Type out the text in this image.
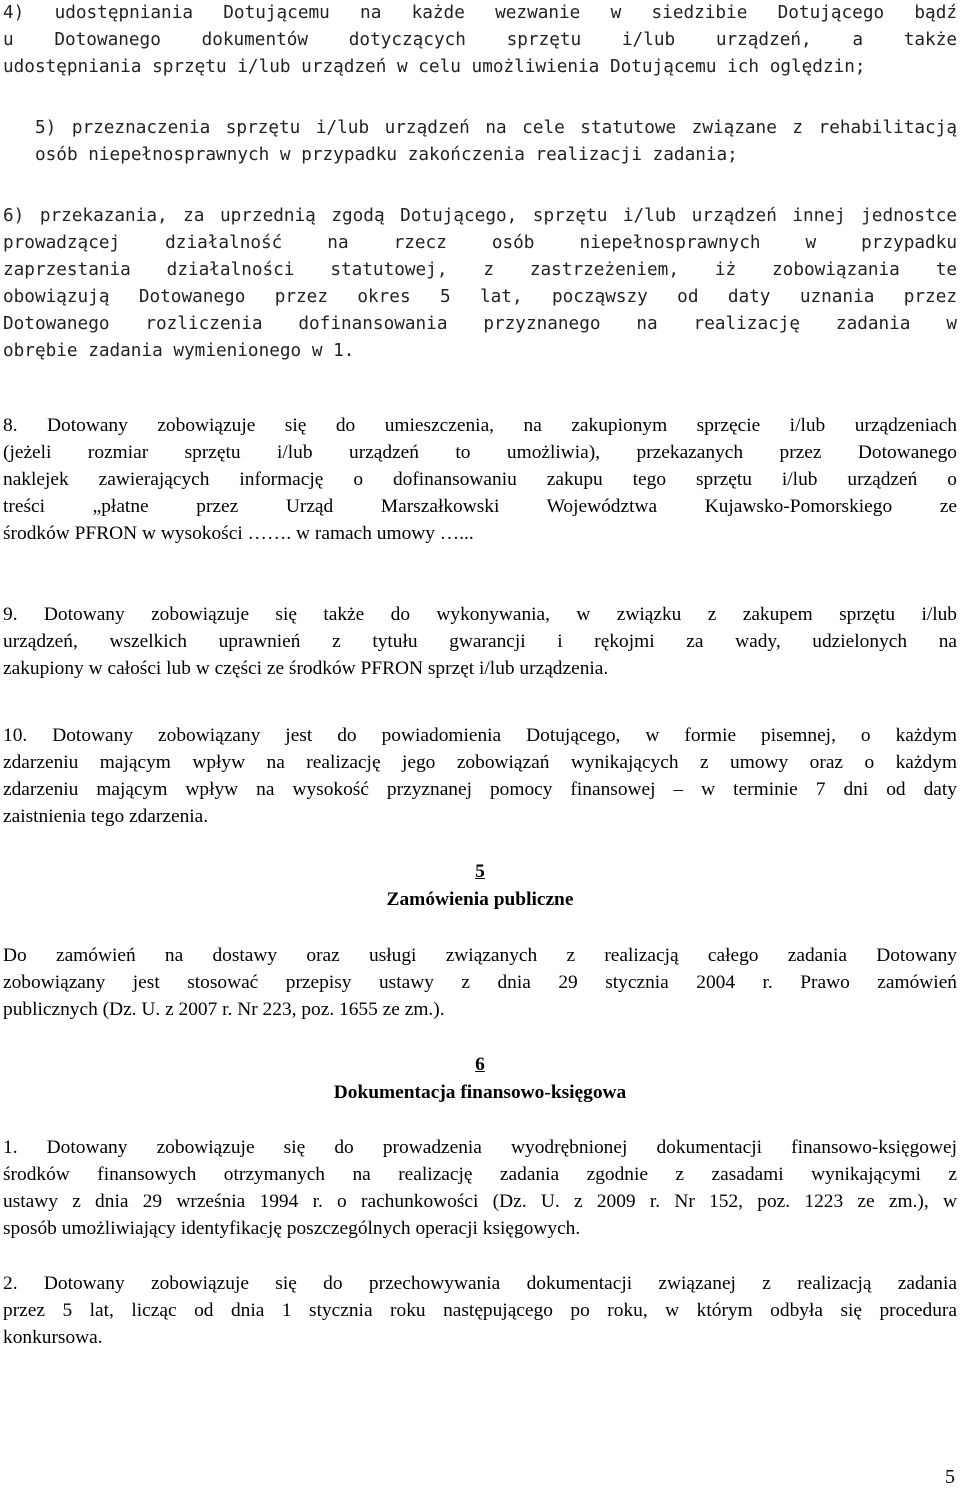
4) udostępniania Dotującemu na każde wezwanie w siedzibie Dotującego bądź

u Dotowanego dokumentów dotyczących sprzętu i/lub urządzeń, a także

udostępniania sprzętu i/lub urządzeń w celu umożliwienia Dotującemu ich oględzin;

5) przeznaczenia sprzętu i/lub urządzeń na cele statutowe związane z rehabilitacją

osób niepełnosprawnych w przypadku zakończenia realizacji zadania;

6) przekazania, za uprzednią zgodą Dotującego, sprzętu i/lub urządzeń innej jednostce

prowadzącej działalność na rzecz osób niepełnosprawnych w przypadku

zaprzestania działalności statutowej, z zastrzeżeniem, iż zobowiązania te

obowiązują Dotowanego przez okres 5 lat, począwszy od daty uznania przez

Dotowanego rozliczenia dofinansowania przyznanego na realizację zadania w

obrębie zadania wymienionego w 1.

8. Dotowany zobowiązuje się do umieszczenia, na zakupionym sprzęcie i/lub urządzeniach

(jeżeli rozmiar sprzętu i/lub urządzeń to umożliwia), przekazanych przez Dotowanego

naklejek zawierających informację o dofinansowaniu zakupu tego sprzętu i/lub urządzeń o

treści „płatne przez Urząd Marszałkowski Województwa Kujawsko-Pomorskiego ze

środków PFRON w wysokości ……. w ramach umowy …...

9. Dotowany zobowiązuje się także do wykonywania, w związku z zakupem sprzętu i/lub

urządzeń, wszelkich uprawnień z tytułu gwarancji i rękojmi za wady, udzielonych na

zakupiony w całości lub w części ze środków PFRON sprzęt i/lub urządzenia.

10. Dotowany zobowiązany jest do powiadomienia Dotującego, w formie pisemnej, o każdym

zdarzeniu mającym wpływ na realizację jego zobowiązań wynikających z umowy oraz o każdym

zdarzeniu mającym wpływ na wysokość przyznanej pomocy finansowej – w terminie 7 dni od daty

zaistnienia tego zdarzenia.

5

Zamówienia publiczne

Do zamówień na dostawy oraz usługi związanych z realizacją całego zadania Dotowany

zobowiązany jest stosować przepisy ustawy z dnia 29 stycznia 2004 r. Prawo zamówień

publicznych (Dz. U. z 2007 r. Nr 223, poz. 1655 ze zm.).

6

Dokumentacja finansowo-księgowa

1. Dotowany zobowiązuje się do prowadzenia wyodrębnionej dokumentacji finansowo-księgowej

środków finansowych otrzymanych na realizację zadania zgodnie z zasadami wynikającymi z

ustawy z dnia 29 września 1994 r. o rachunkowości (Dz. U. z 2009 r. Nr 152, poz. 1223 ze zm.), w

sposób umożliwiający identyfikację poszczególnych operacji księgowych.

2. Dotowany zobowiązuje się do przechowywania dokumentacji związanej z realizacją zadania

przez 5 lat, licząc od dnia 1 stycznia roku następującego po roku, w którym odbyła się procedura

konkursowa.

5
